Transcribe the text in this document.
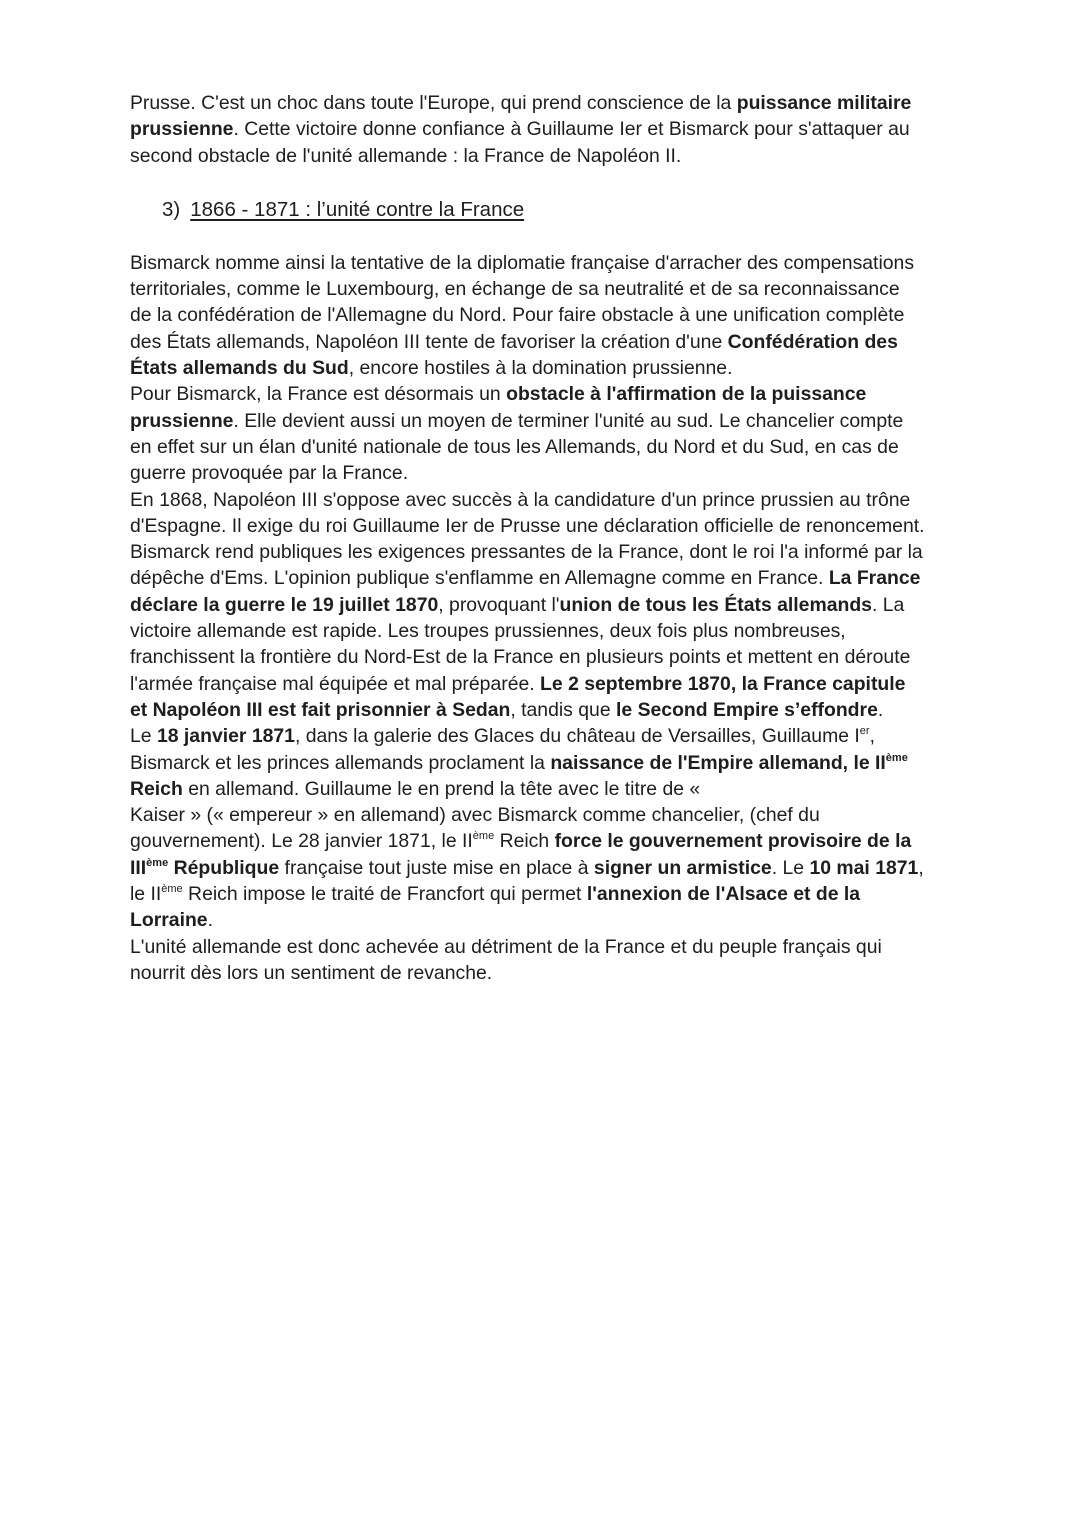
Prusse. C'est un choc dans toute l'Europe, qui prend conscience de la puissance militaire
prussienne. Cette victoire donne confiance à Guillaume Ier et Bismarck pour s'attaquer au
second obstacle de l'unité allemande : la France de Napoléon II.
3) 1866 - 1871 : l’unité contre la France
Bismarck nomme ainsi la tentative de la diplomatie française d'arracher des compensations
territoriales, comme le Luxembourg, en échange de sa neutralité et de sa reconnaissance
de la confédération de l'Allemagne du Nord. Pour faire obstacle à une unification complète
des États allemands, Napoléon III tente de favoriser la création d'une Confédération des
États allemands du Sud, encore hostiles à la domination prussienne.
Pour Bismarck, la France est désormais un obstacle à l'affirmation de la puissance
prussienne. Elle devient aussi un moyen de terminer l'unité au sud. Le chancelier compte
en effet sur un élan d'unité nationale de tous les Allemands, du Nord et du Sud, en cas de
guerre provoquée par la France.
En 1868, Napoléon III s'oppose avec succès à la candidature d'un prince prussien au trône
d'Espagne. Il exige du roi Guillaume Ier de Prusse une déclaration officielle de renoncement.
Bismarck rend publiques les exigences pressantes de la France, dont le roi l'a informé par la
dépêche d'Ems. L'opinion publique s'enflamme en Allemagne comme en France. La France
déclare la guerre le 19 juillet 1870, provoquant l'union de tous les États allemands. La
victoire allemande est rapide. Les troupes prussiennes, deux fois plus nombreuses,
franchissent la frontière du Nord-Est de la France en plusieurs points et mettent en déroute
l'armée française mal équipée et mal préparée. Le 2 septembre 1870, la France capitule
et Napoléon III est fait prisonnier à Sedan, tandis que le Second Empire s’effondre.
Le 18 janvier 1871, dans la galerie des Glaces du château de Versailles, Guillaume Ier,
Bismarck et les princes allemands proclament la naissance de l'Empire allemand, le IIème
Reich en allemand. Guillaume le en prend la tête avec le titre de «
Kaiser » (« empereur » en allemand) avec Bismarck comme chancelier, (chef du
gouvernement). Le 28 janvier 1871, le IIème Reich force le gouvernement provisoire de la
IIIème République française tout juste mise en place à signer un armistice. Le 10 mai 1871,
le IIème Reich impose le traité de Francfort qui permet l'annexion de l'Alsace et de la
Lorraine.
L'unité allemande est donc achevée au détriment de la France et du peuple français qui
nourrit dès lors un sentiment de revanche.
